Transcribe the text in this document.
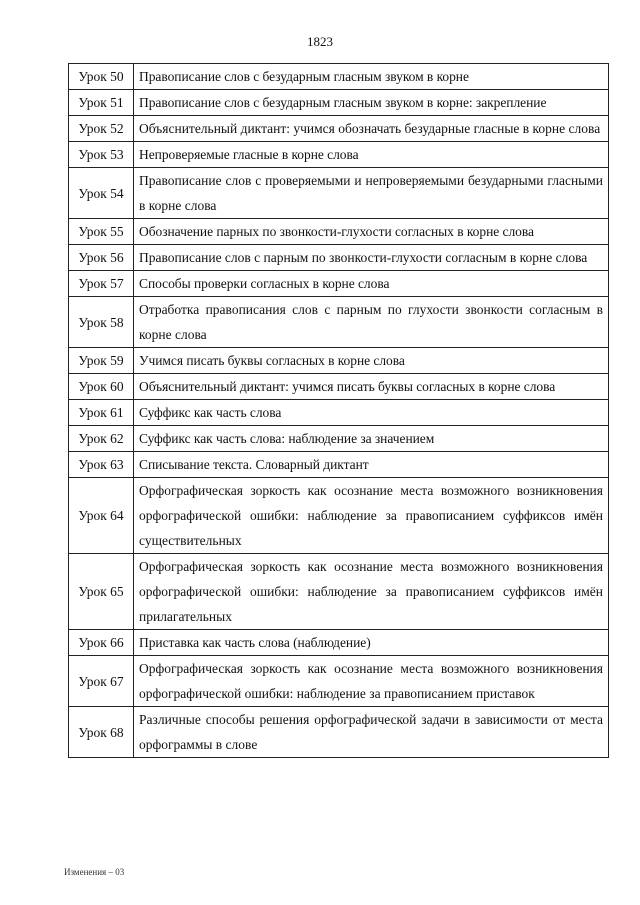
1823
Урок 50	Правописание слов с безударным гласным звуком в корне
Урок 51	Правописание слов с безударным гласным звуком в корне: закрепление
Урок 52	Объяснительный диктант: учимся обозначать безударные гласные в корне слова
Урок 53	Непроверяемые гласные в корне слова
Урок 54	Правописание слов с проверяемыми и непроверяемыми безударными гласными в корне слова
Урок 55	Обозначение парных по звонкости-глухости согласных в корне слова
Урок 56	Правописание слов с парным по звонкости-глухости согласным в корне слова
Урок 57	Способы проверки согласных в корне слова
Урок 58	Отработка правописания слов с парным по глухости звонкости согласным в корне слова
Урок 59	Учимся писать буквы согласных в корне слова
Урок 60	Объяснительный диктант: учимся писать буквы согласных в корне слова
Урок 61	Суффикс как часть слова
Урок 62	Суффикс как часть слова: наблюдение за значением
Урок 63	Списывание текста. Словарный диктант
Урок 64	Орфографическая зоркость как осознание места возможного возникновения орфографической ошибки: наблюдение за правописанием суффиксов имён существительных
Урок 65	Орфографическая зоркость как осознание места возможного возникновения орфографической ошибки: наблюдение за правописанием суффиксов имён прилагательных
Урок 66	Приставка как часть слова (наблюдение)
Урок 67	Орфографическая зоркость как осознание места возможного возникновения орфографической ошибки: наблюдение за правописанием приставок
Урок 68	Различные способы решения орфографической задачи в зависимости от места орфограммы в слове
Изменения – 03
